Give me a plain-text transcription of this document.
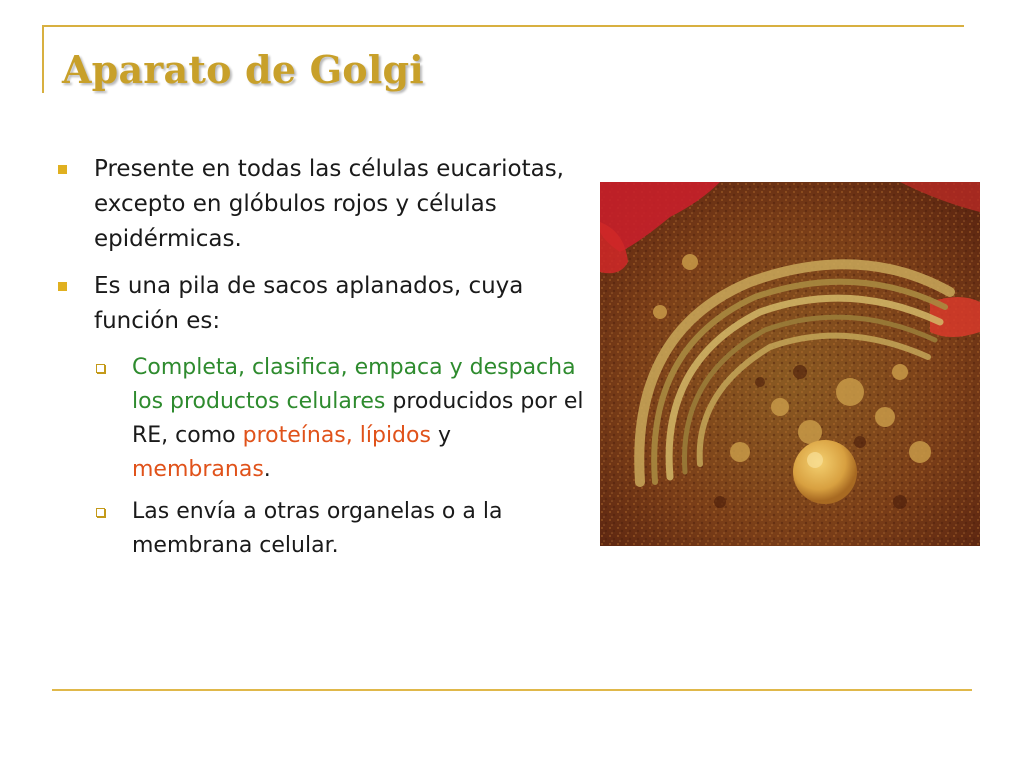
Aparato de Golgi
Presente en todas las células eucariotas, excepto en glóbulos rojos y células epidérmicas.
Es una pila de sacos aplanados, cuya función es:
Completa, clasifica, empaca y despacha los productos celulares producidos por el RE, como proteínas, lípidos y membranas.
Las envía a otras organelas o a la membrana celular.
